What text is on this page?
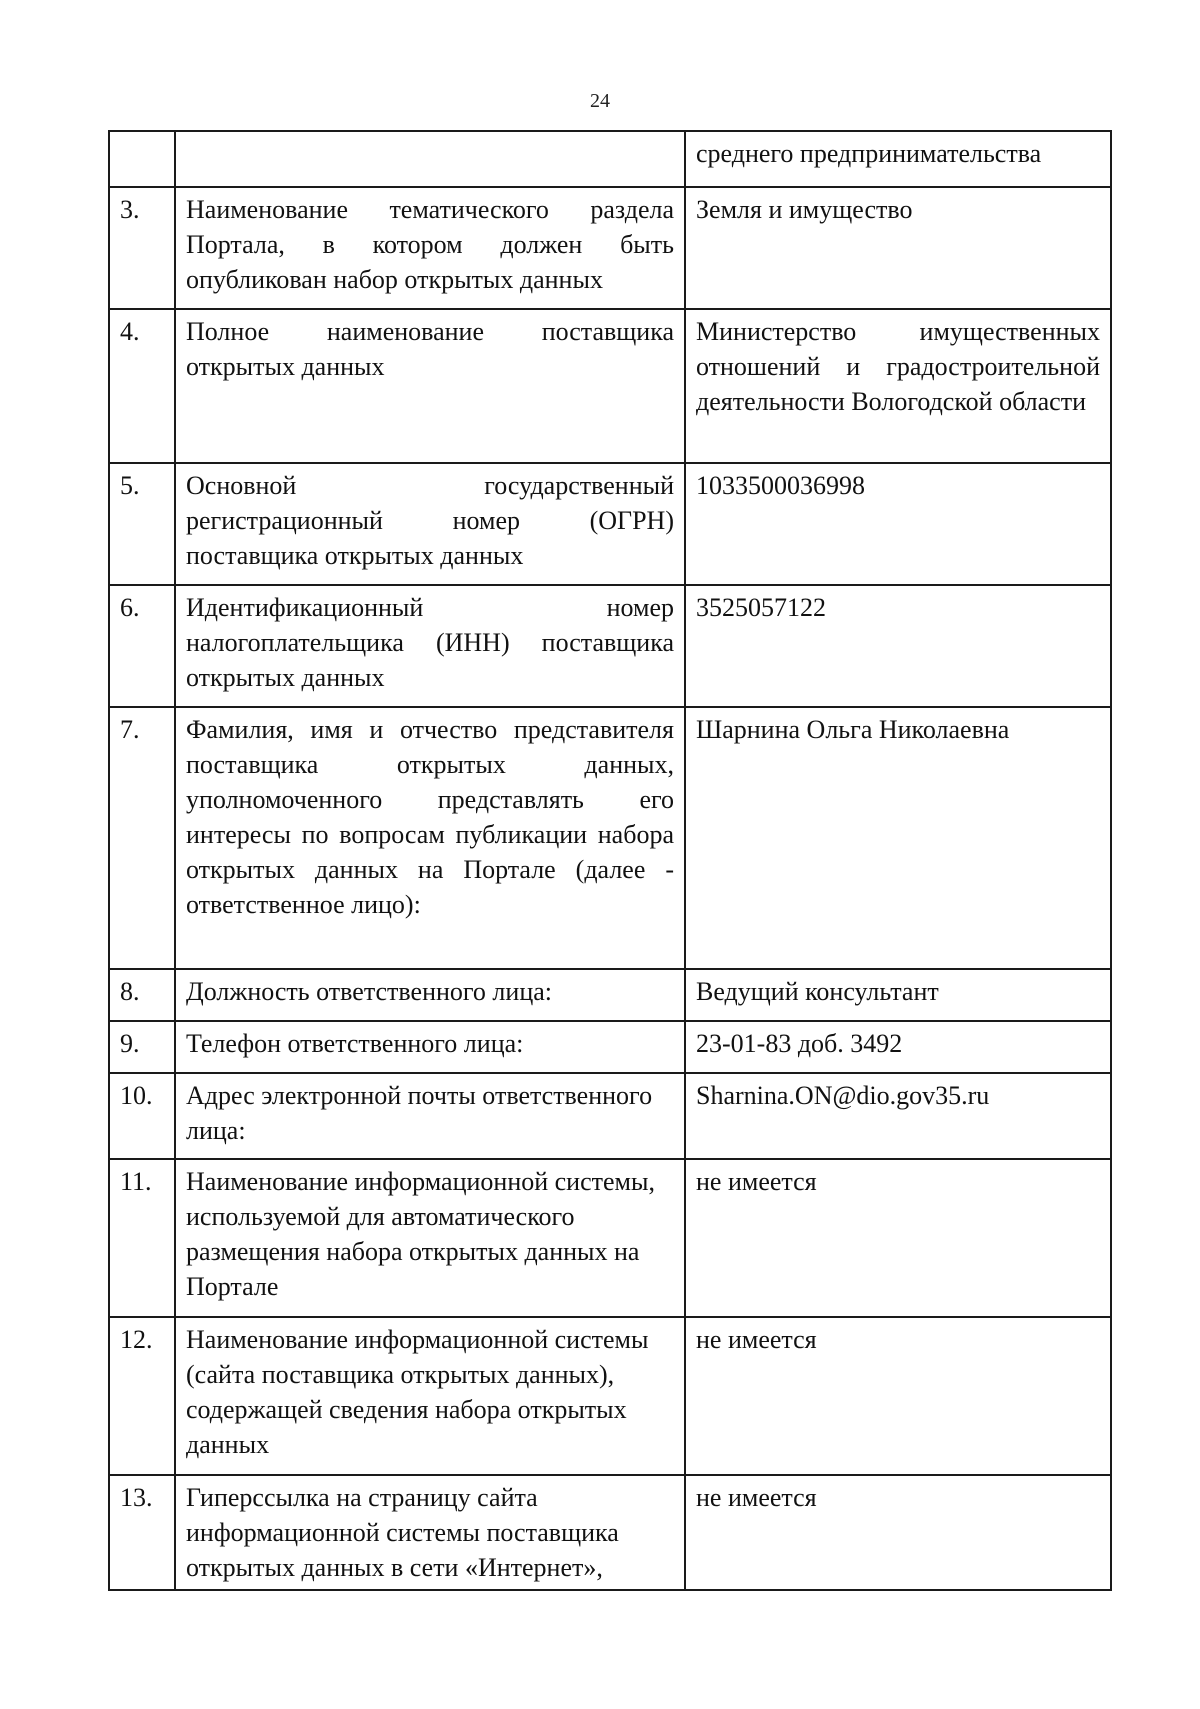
24
		среднего предпринимательства
3.	Наименование тематического раздела Портала, в котором должен быть опубликован набор открытых данных	Земля и имущество
4.	Полное наименование поставщика открытых данных	Министерство имущественных отношений и градостроительной деятельности Вологодской области
5.	Основной государственный регистрационный номер (ОГРН) поставщика открытых данных	1033500036998
6.	Идентификационный номер налогоплательщика (ИНН) поставщика открытых данных	3525057122
7.	Фамилия, имя и отчество представителя поставщика открытых данных, уполномоченного представлять его интересы по вопросам публикации набора открытых данных на Портале (далее - ответственное лицо):	Шарнина Ольга Николаевна
8.	Должность ответственного лица:	Ведущий консультант
9.	Телефон ответственного лица:	23-01-83 доб. 3492
10.	Адрес электронной почты ответственного лица:	Sharnina.ON@dio.gov35.ru
11.	Наименование информационной системы, используемой для автоматического размещения набора открытых данных на Портале	не имеется
12.	Наименование информационной системы (сайта поставщика открытых данных), содержащей сведения набора открытых данных	не имеется
13.	Гиперссылка на страницу сайта информационной системы поставщика открытых данных в сети «Интернет»,	не имеется
